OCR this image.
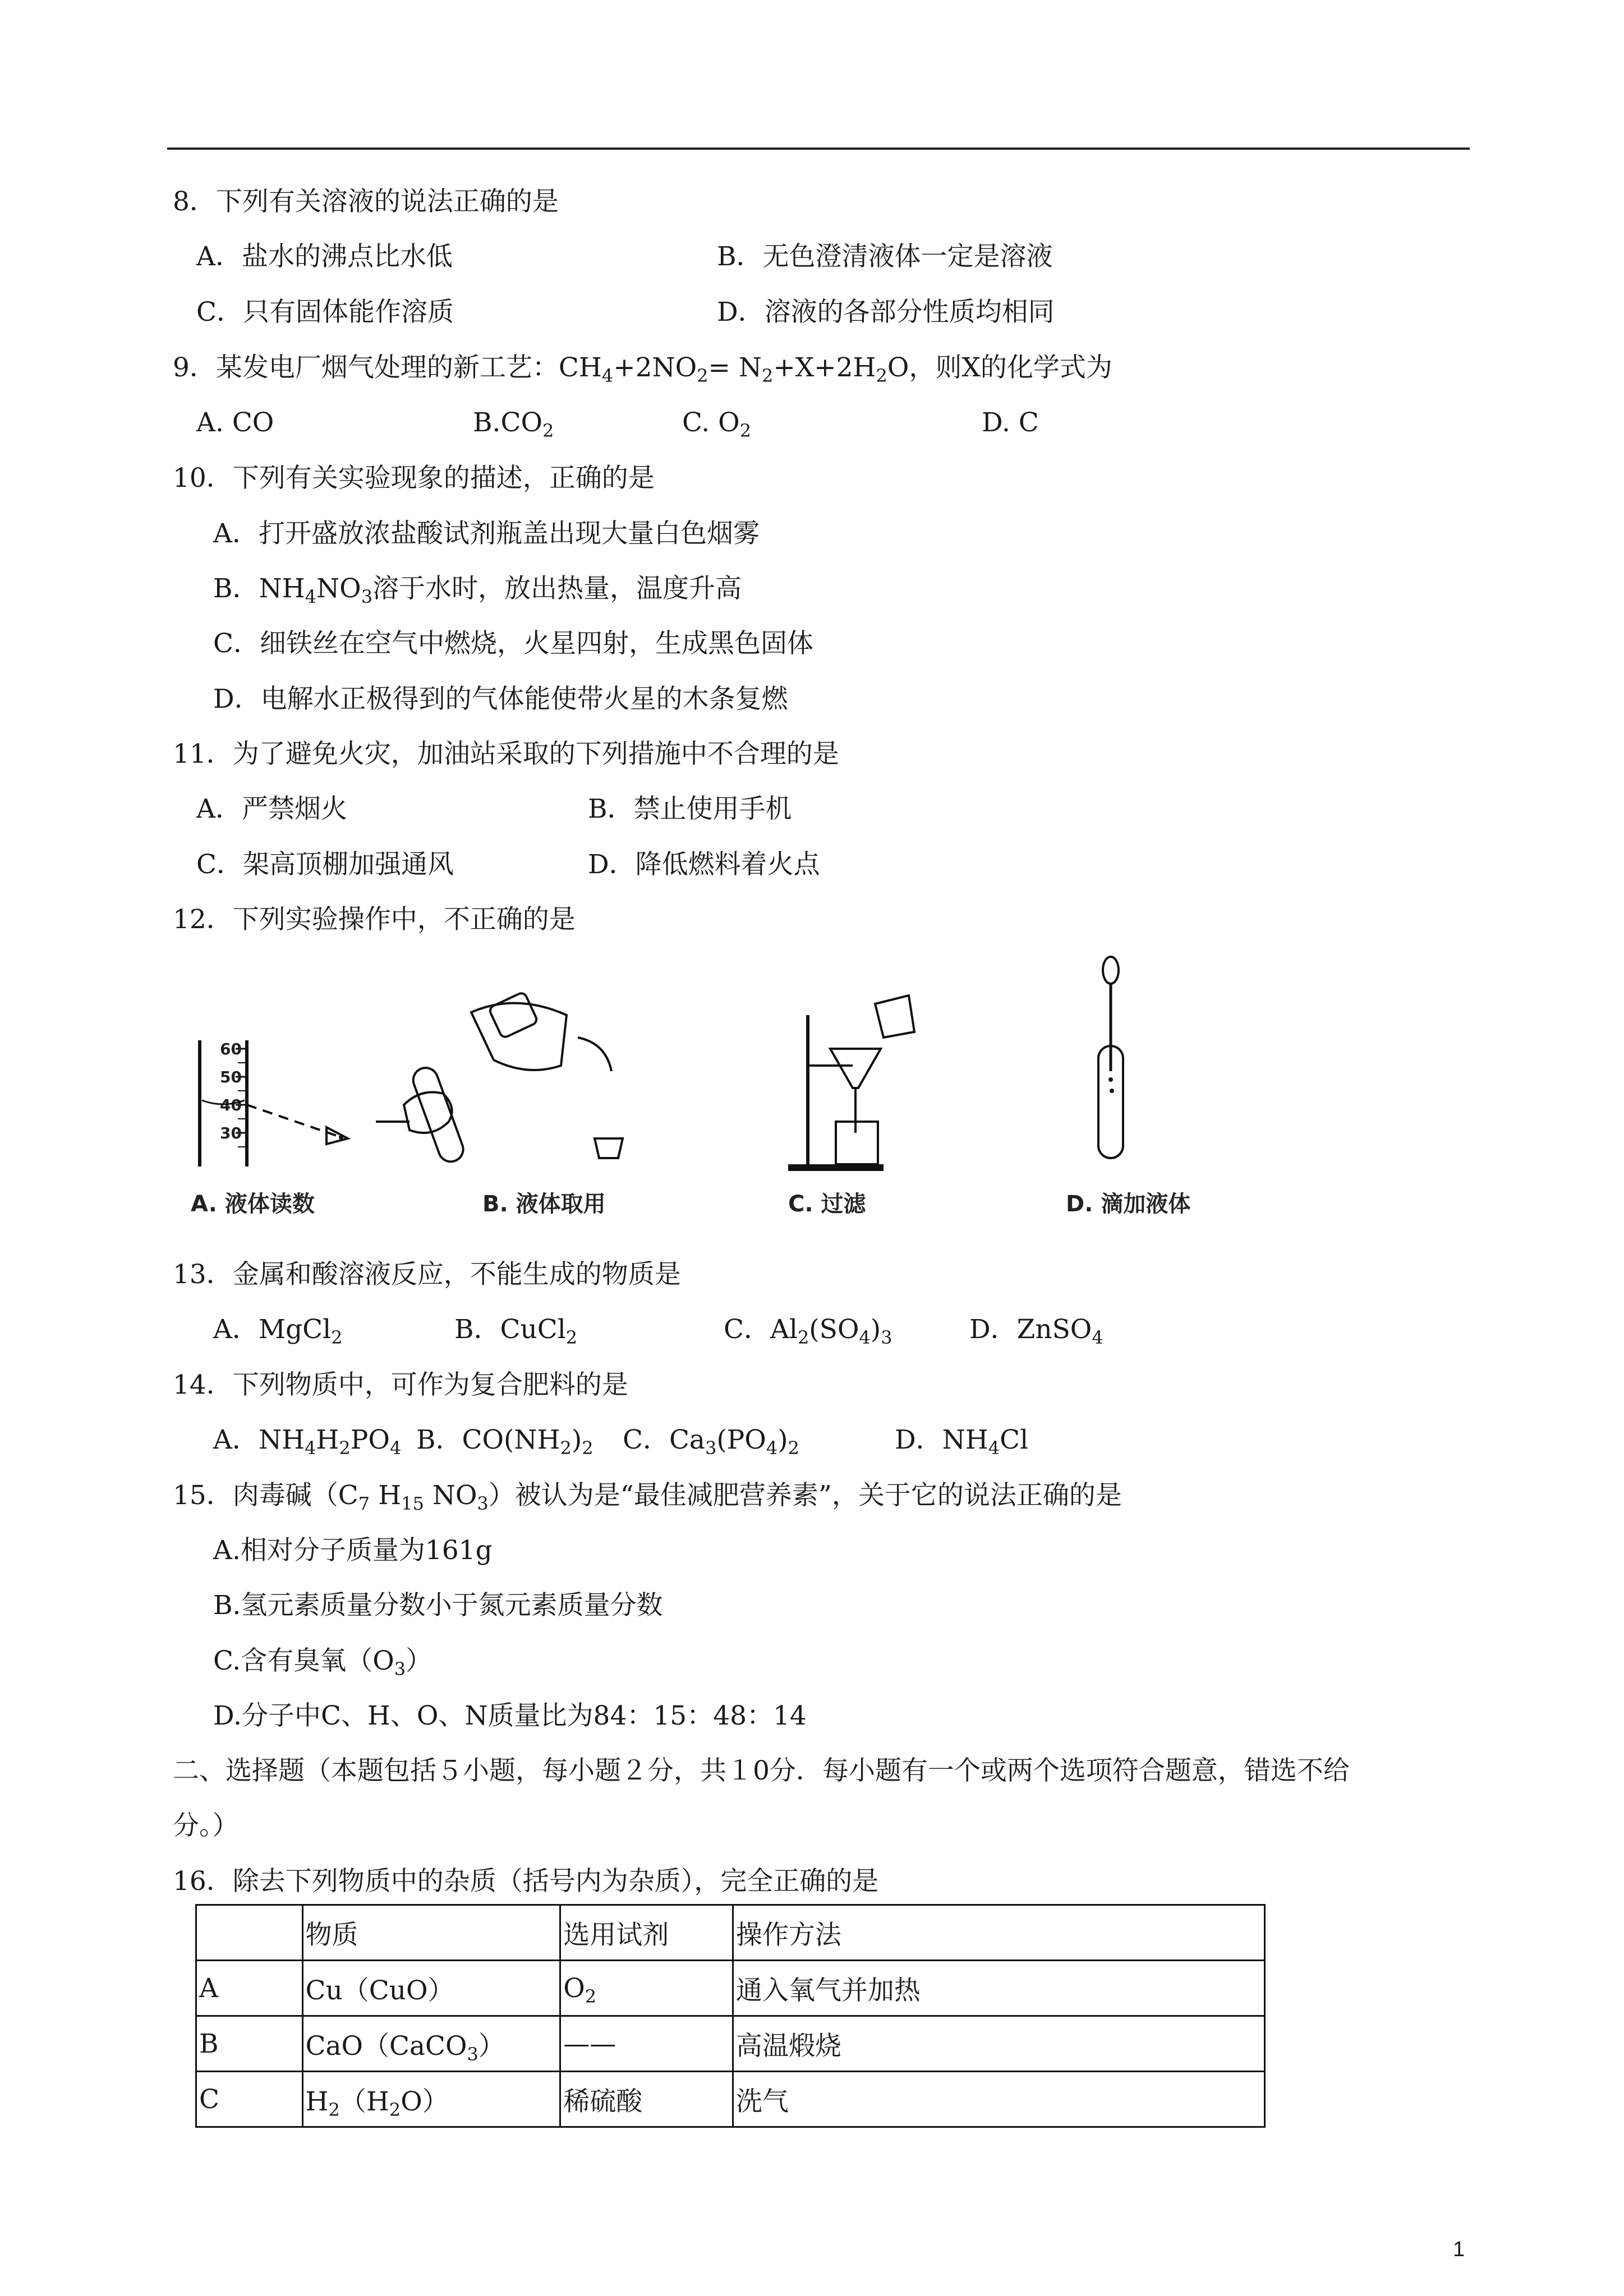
8．下列有关溶液的说法正确的是
A．盐水的沸点比水低	B．无色澄清液体一定是溶液
C．只有固体能作溶质	D．溶液的各部分性质均相同
9．某发电厂烟气处理的新工艺：$CH_4+2NO_2= N_2+X+2H_2O$，则X的化学式为
A. CO	$B.CO_2$	C. $O_2$	D. C
10．下列有关实验现象的描述，正确的是
A．打开盛放浓盐酸试剂瓶盖出现大量白色烟雾
B．$NH_4NO_3$溶于水时，放出热量，温度升高
C．细铁丝在空气中燃烧，火星四射，生成黑色固体
D．电解水正极得到的气体能使带火星的木条复燃
11．为了避免火灾，加油站采取的下列措施中不合理的是
A．严禁烟火	B．禁止使用手机
C．架高顶棚加强通风	D．降低燃料着火点
12．下列实验操作中，不正确的是
60
50
40
30
A. 液体读数	B. 液体取用	C. 过滤	D. 滴加液体
13．金属和酸溶液反应，不能生成的物质是
A．MgCl$_2$	B．CuCl$_2$	C．$Al_2(SO_4)_3$	D．ZnSO$_4$
14．下列物质中，可作为复合肥料的是
A．$NH_4H_2PO_4$ B．$CO(NH_2)_2$ C．$Ca_3(PO_4)_2$	D．$NH_4Cl$
15．肉毒碱（$C_7$ $H_{15}$ $NO_3$）被认为是“最佳减肥营养素”，关于它的说法正确的是
A.相对分子质量为161g
B.氢元素质量分数小于氮元素质量分数
C.含有臭氧$(O_3)$
D.分子中C、H、O、N质量比为84：15：48：14
二、选择题（本题包括５小题，每小题２分，共１0分．每小题有一个或两个选项符合题意，错选不给
分。）
16．除去下列物质中的杂质（括号内为杂质），完全正确的是
	物质	选用试剂	操作方法
A	Cu（CuO）	$O_2$	通入氧气并加热
B	CaO（CaCO$_3$）	——	高温煅烧
C	$H_2(H_2O)$	稀硫酸	洗气
1
